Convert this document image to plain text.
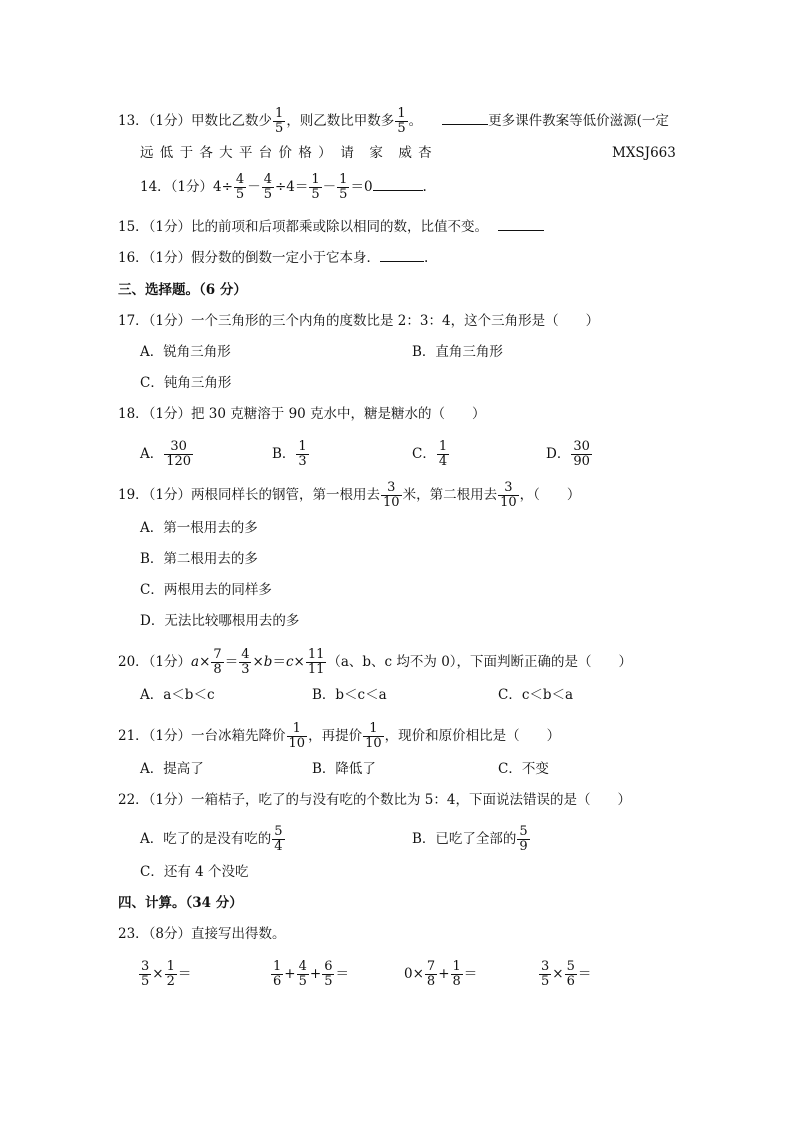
13．（1分）甲数比乙数少 $\frac{1}{5}$ ，则乙数比甲数多 $\frac{1}{5}$ 。	更多课件教案等低价滋源(一定
远 低 于 各 大 平 台 价 格 ）　请　家　威 杏	MXSJ663
14．（1分）$4\div \frac{4}{5} - \frac{4}{5} \div 4= \frac{1}{5} - \frac{1}{5} =0$	.
15．（1分）比的前项和后项都乘或除以相同的数，比值不变。
16．（1分）假分数的倒数一定小于它本身．	.
三、选择题。（6 分）
17．（1分）一个三角形的三个内角的度数比是 2：3：4，这个三角形是（　　）
A．锐角三角形	B．直角三角形
C．钝角三角形
18．（1分）把 30 克糖溶于 90 克水中，糖是糖水的（　　）
A． $\frac{30}{120}$	B． $\frac{1}{3}$	C． $\frac{1}{4}$	D． $\frac{30}{90}$
19．（1分）两根同样长的钢管，第一根用去 $\frac{3}{10}$ 米，第二根用去 $\frac{3}{10}$ ，（　　）
A．第一根用去的多
B．第二根用去的多
C．两根用去的同样多
D．无法比较哪根用去的多
20．（1分）$a\times \frac{7}{8} = \frac{4}{3} \times b=c\times \frac{11}{11} (a$、b、c 均不为 0），下面判断正确的是（　　）
A．a＜b＜c	B．b＜c＜a	C．c＜b＜a
21．（1分）一台冰箱先降价 $\frac{1}{10}$ ，再提价 $\frac{1}{10}$ ，现价和原价相比是（　　）
A．提高了	B．降低了	C．不变
22．（1分）一箱桔子，吃了的与没有吃的个数比为 5：4，下面说法错误的是（　　）
A．吃了的是没有吃的 $\frac{5}{4}$	B．已吃了全部的 $\frac{5}{9}$
C．还有 4 个没吃
四、计算。（34 分）
23．（8分）直接写出得数。
$\frac{3}{5} \times \frac{1}{2}$ ＝	$\frac{1}{6} + \frac{4}{5} + \frac{6}{5}$ ＝	$0\times \frac{7}{8} + \frac{1}{8}$ ＝	$\frac{3}{5} \times \frac{5}{6}$ ＝
